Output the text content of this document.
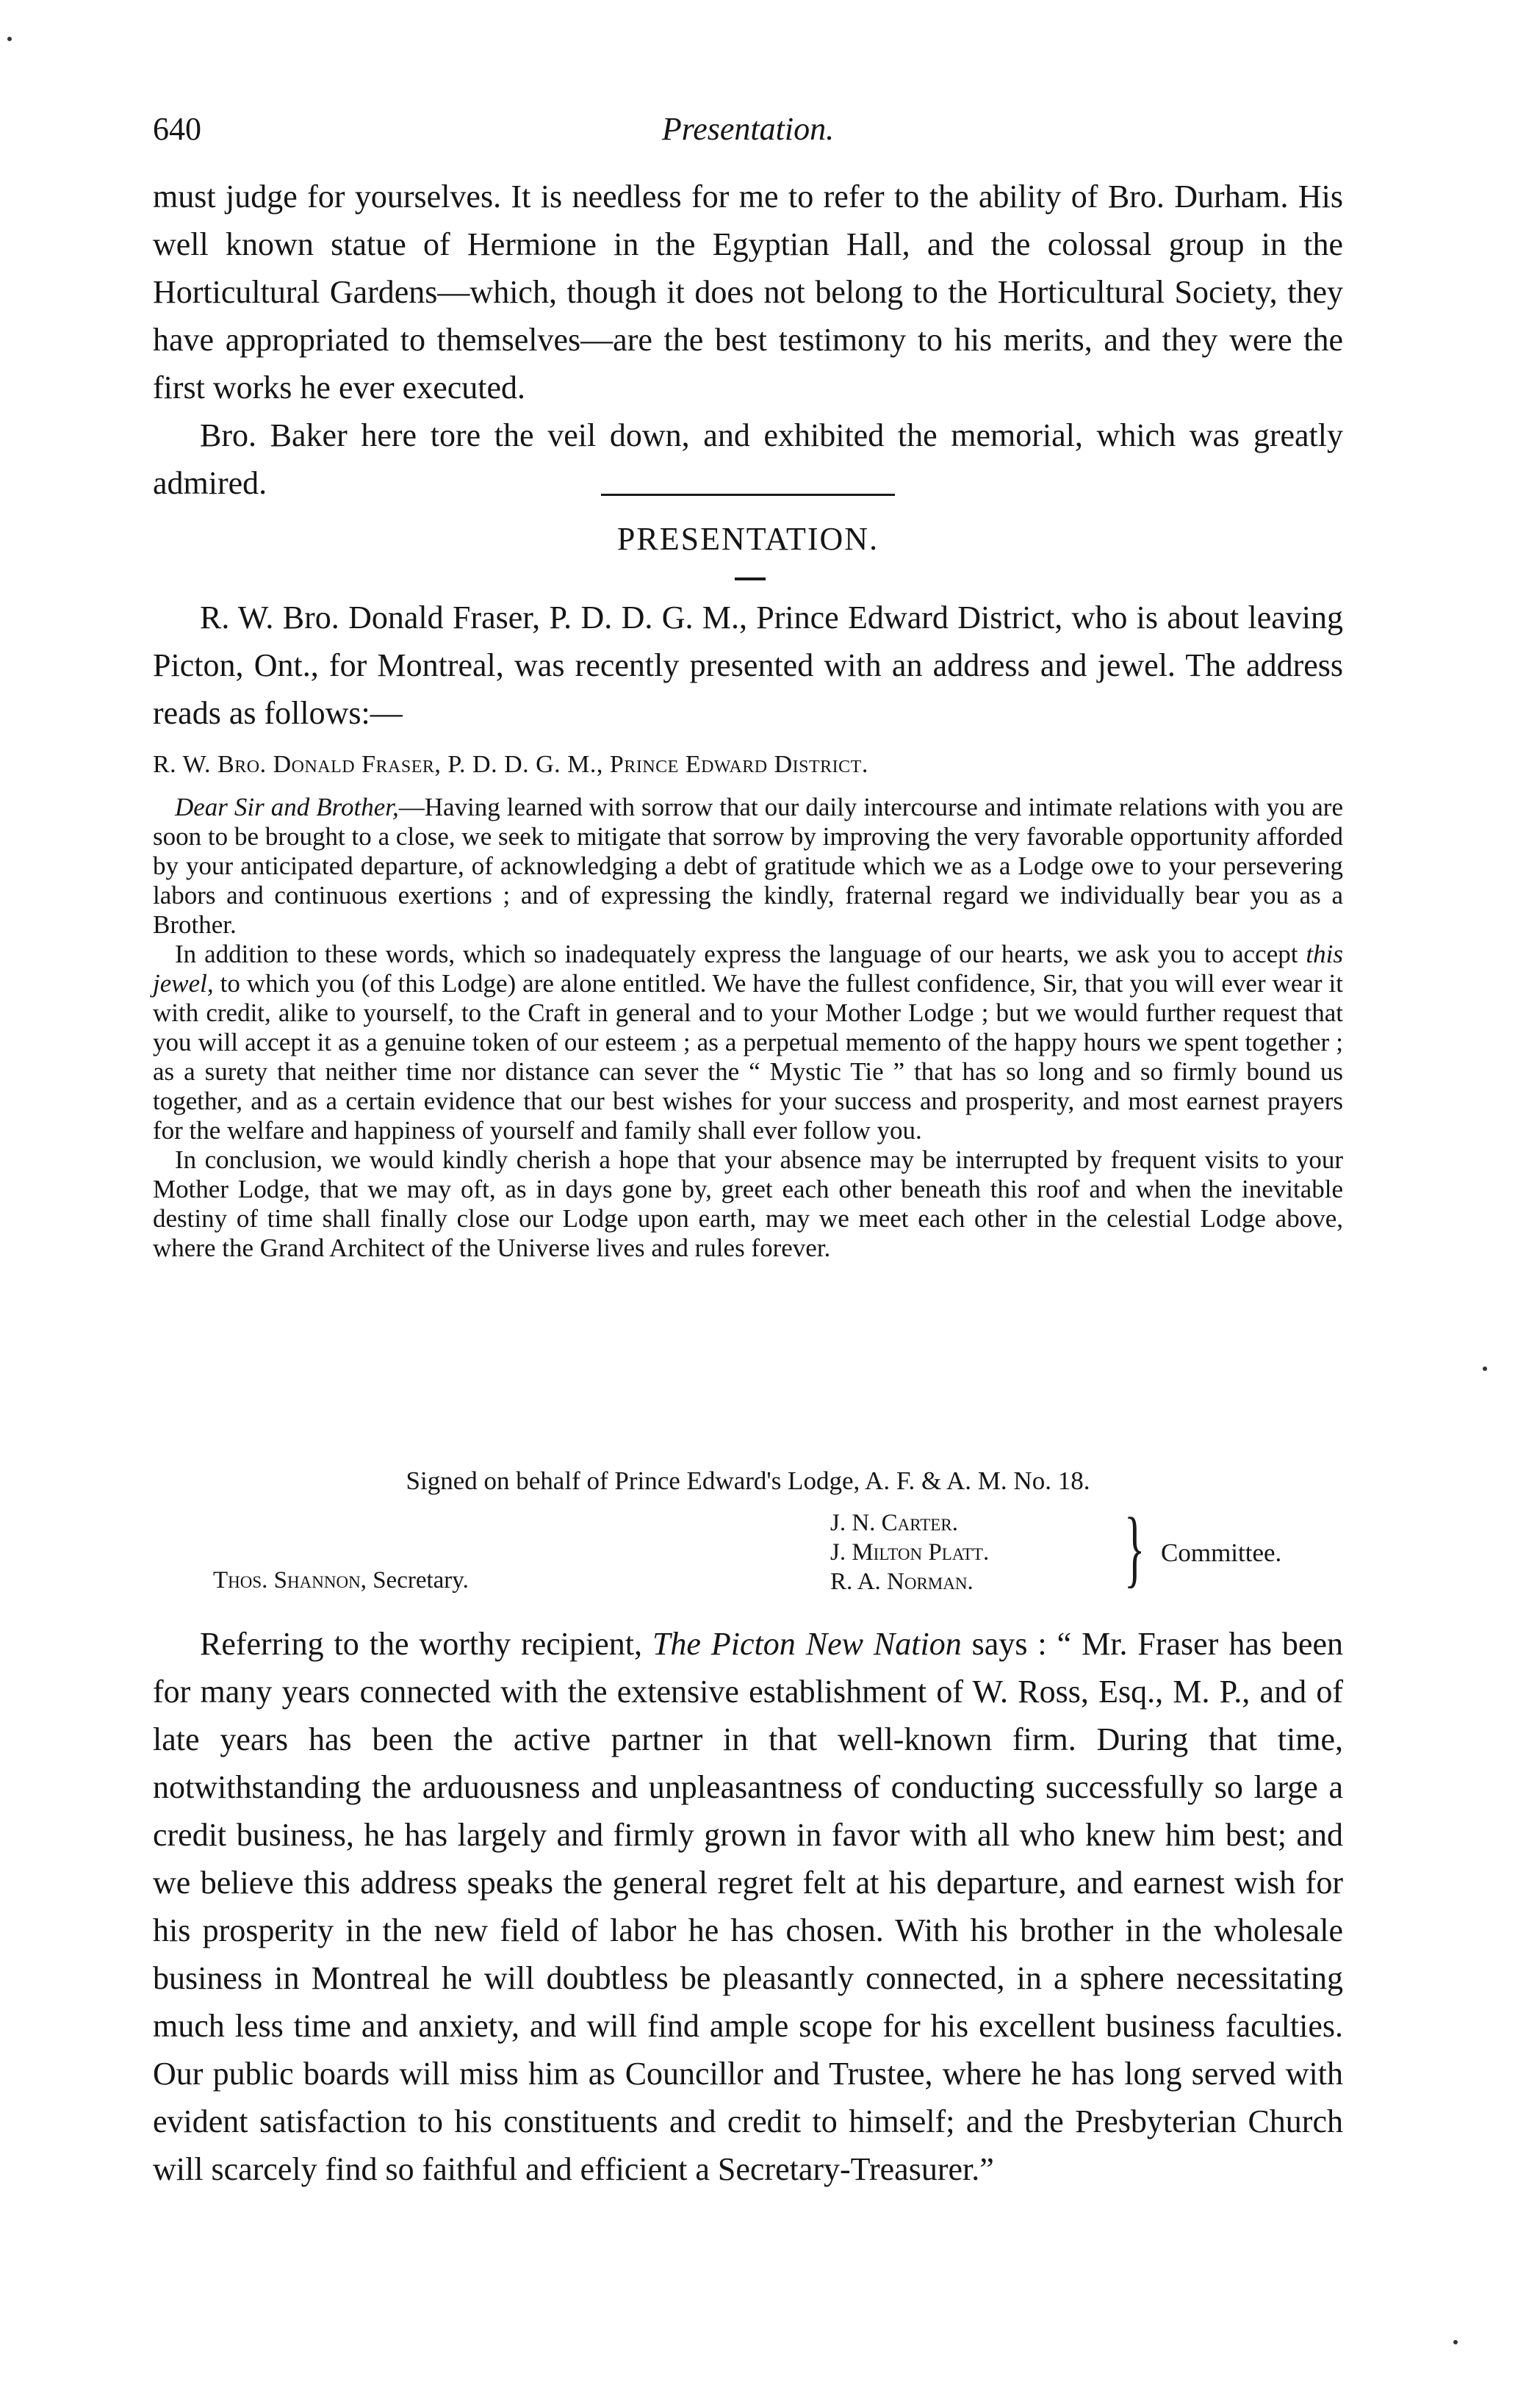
640	Presentation.

must judge for yourselves. It is needless for me to refer to the ability of Bro. Durham. His well known statue of Hermione in the Egyptian Hall, and the colossal group in the Horticultural Gardens—which, though it does not belong to the Horticultural Society, they have appropriated to themselves—are the best testimony to his merits, and they were the first works he ever executed.

Bro. Baker here tore the veil down, and exhibited the memorial, which was greatly admired.

PRESENTATION.

R. W. Bro. Donald Fraser, P. D. D. G. M., Prince Edward District, who is about leaving Picton, Ont., for Montreal, was recently presented with an address and jewel. The address reads as follows:—

R. W. Bro. Donald Fraser, P. D. D. G. M., Prince Edward District.

Dear Sir and Brother,—Having learned with sorrow that our daily intercourse and intimate relations with you are soon to be brought to a close, we seek to mitigate that sorrow by improving the very favorable opportunity afforded by your anticipated departure, of acknowledging a debt of gratitude which we as a Lodge owe to your persevering labors and continuous exertions ; and of expressing the kindly, fraternal regard we individually bear you as a Brother.

In addition to these words, which so inadequately express the language of our hearts, we ask you to accept this jewel, to which you (of this Lodge) are alone entitled. We have the fullest confidence, Sir, that you will ever wear it with credit, alike to yourself, to the Craft in general and to your Mother Lodge ; but we would further request that you will accept it as a genuine token of our esteem ; as a perpetual memento of the happy hours we spent together ; as a surety that neither time nor distance can sever the “ Mystic Tie ” that has so long and so firmly bound us together, and as a certain evidence that our best wishes for your success and prosperity, and most earnest prayers for the welfare and happiness of yourself and family shall ever follow you.

In conclusion, we would kindly cherish a hope that your absence may be interrupted by frequent visits to your Mother Lodge, that we may oft, as in days gone by, greet each other beneath this roof and when the inevitable destiny of time shall finally close our Lodge upon earth, may we meet each other in the celestial Lodge above, where the Grand Architect of the Universe lives and rules forever.

Signed on behalf of Prince Edward's Lodge, A. F. & A. M. No. 18.
J. N. Carter.
J. Milton Platt.
R. A. Norman. } Committee.
Thos. Shannon, Secretary.

Referring to the worthy recipient, The Picton New Nation says : “ Mr. Fraser has been for many years connected with the extensive establishment of W. Ross, Esq., M. P., and of late years has been the active partner in that well-known firm. During that time, notwithstanding the arduousness and unpleasantness of conducting successfully so large a credit business, he has largely and firmly grown in favor with all who knew him best; and we believe this address speaks the general regret felt at his departure, and earnest wish for his prosperity in the new field of labor he has chosen. With his brother in the wholesale business in Montreal he will doubtless be pleasantly connected, in a sphere necessitating much less time and anxiety, and will find ample scope for his excellent business faculties. Our public boards will miss him as Councillor and Trustee, where he has long served with evident satisfaction to his constituents and credit to himself; and the Presbyterian Church will scarcely find so faithful and efficient a Secretary-Treasurer.”
